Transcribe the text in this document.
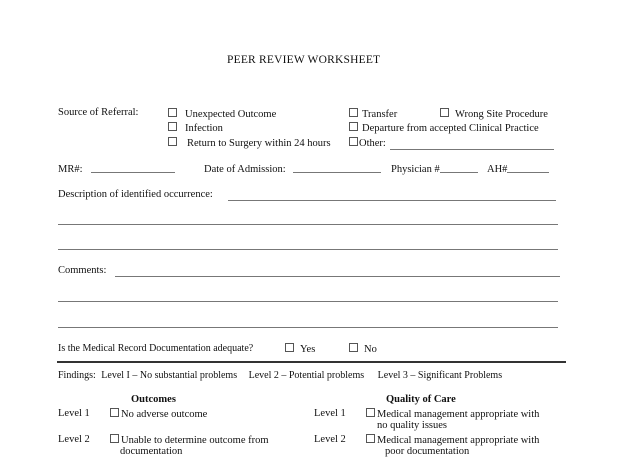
PEER REVIEW WORKSHEET
Source of Referral:	Unexpected Outcome
Infection
Return to Surgery within 24 hours
Transfer	Wrong Site Procedure
Departure from accepted Clinical Practice
Other:
MR#:	Date of Admission:	Physician #	AH#
Description of identified occurrence:
Comments:
Is the Medical Record Documentation adequate?	Yes	No
Findings: Level I – No substantial problems Level 2 – Potential problems Level 3 – Significant Problems
Outcomes
Level 1	No adverse outcome
Level 2	Unable to determine outcome from
documentation
Quality of Care
Level 1	Medical management appropriate with
no quality issues
Level 2	Medical management appropriate with
poor documentation
